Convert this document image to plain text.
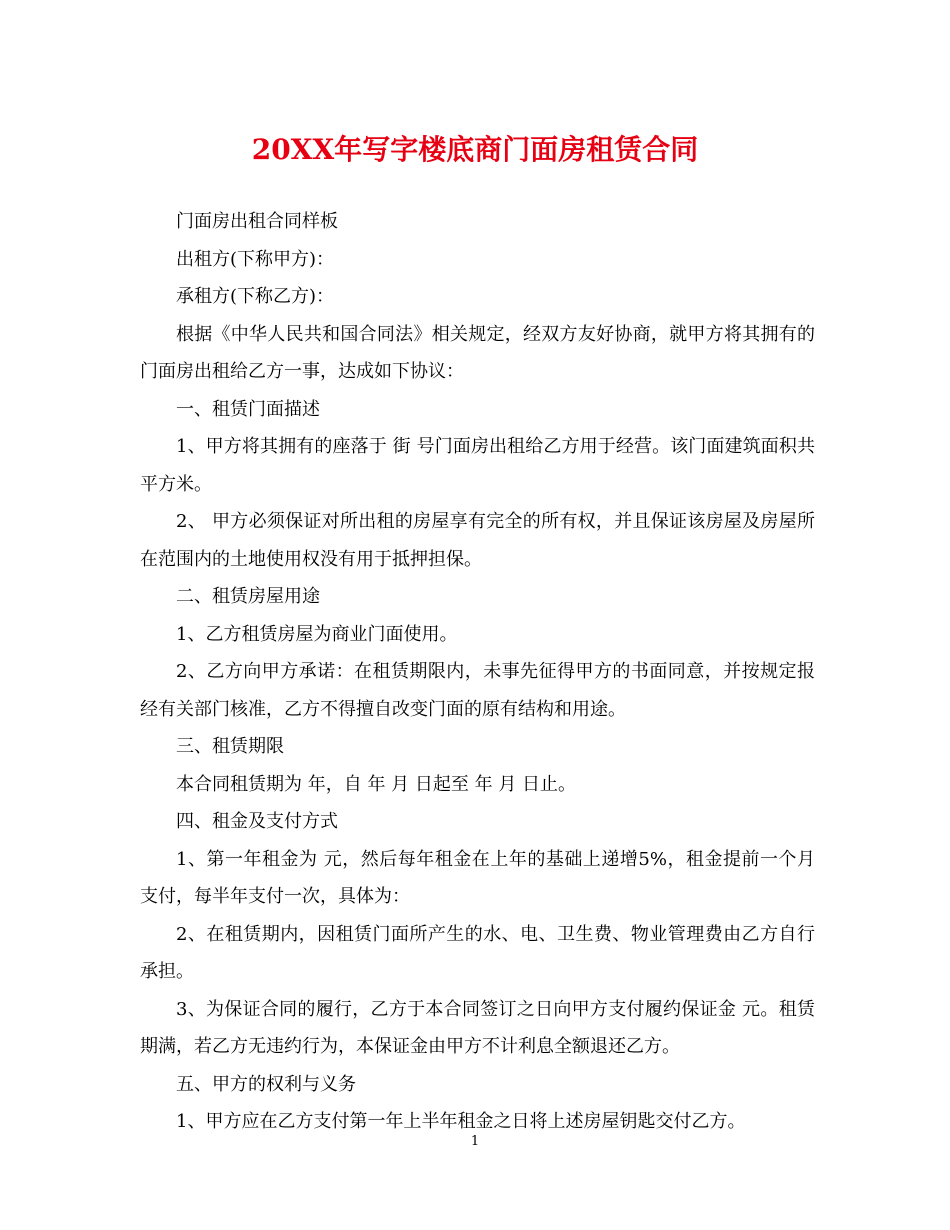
20XX年写字楼底商门面房租赁合同

门面房出租合同样板

出租方(下称甲方)：

承租方(下称乙方)：

根据《中华人民共和国合同法》相关规定，经双方友好协商，就甲方将其拥有的门面房出租给乙方一事，达成如下协议：

一、租赁门面描述

1、甲方将其拥有的座落于 街 号门面房出租给乙方用于经营。该门面建筑面积共 平方米。

2、 甲方必须保证对所出租的房屋享有完全的所有权，并且保证该房屋及房屋所在范围内的土地使用权没有用于抵押担保。

二、租赁房屋用途

1、乙方租赁房屋为商业门面使用。

2、乙方向甲方承诺：在租赁期限内，未事先征得甲方的书面同意，并按规定报经有关部门核准，乙方不得擅自改变门面的原有结构和用途。

三、租赁期限

本合同租赁期为 年，自 年 月 日起至 年 月 日止。

四、租金及支付方式

1、第一年租金为 元，然后每年租金在上年的基础上递增5%，租金提前一个月支付，每半年支付一次，具体为：

2、在租赁期内，因租赁门面所产生的水、电、卫生费、物业管理费由乙方自行承担。

3、为保证合同的履行，乙方于本合同签订之日向甲方支付履约保证金 元。租赁期满，若乙方无违约行为，本保证金由甲方不计利息全额退还乙方。

五、甲方的权利与义务

1、甲方应在乙方支付第一年上半年租金之日将上述房屋钥匙交付乙方。

1
